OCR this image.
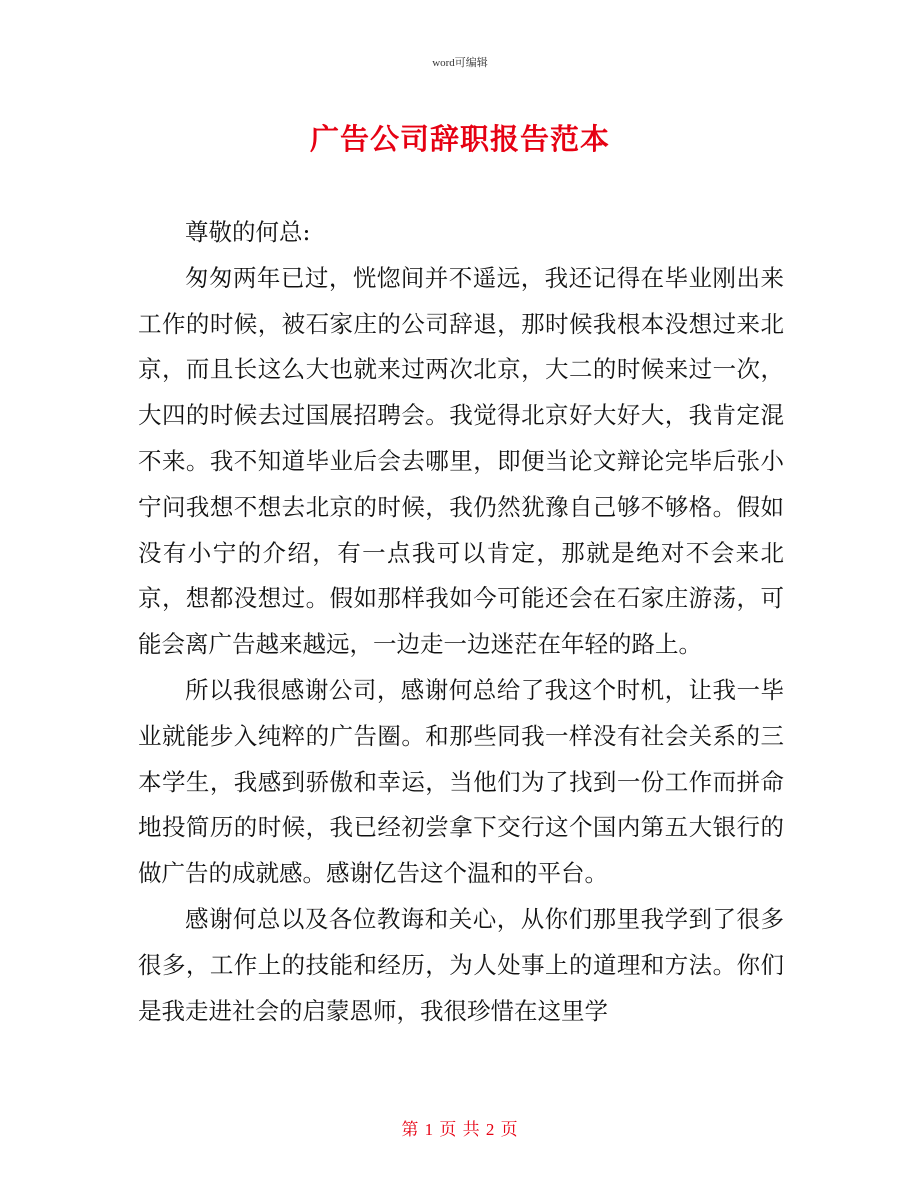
word可编辑
广告公司辞职报告范本

尊敬的何总:

匆匆两年已过，恍惚间并不遥远，我还记得在毕业刚出来工作的时候，被石家庄的公司辞退，那时候我根本没想过来北京，而且长这么大也就来过两次北京，大二的时候来过一次，大四的时候去过国展招聘会。我觉得北京好大好大，我肯定混不来。我不知道毕业后会去哪里，即便当论文辩论完毕后张小宁问我想不想去北京的时候，我仍然犹豫自己够不够格。假如没有小宁的介绍，有一点我可以肯定，那就是绝对不会来北京，想都没想过。假如那样我如今可能还会在石家庄游荡，可能会离广告越来越远，一边走一边迷茫在年轻的路上。

所以我很感谢公司，感谢何总给了我这个时机，让我一毕业就能步入纯粹的广告圈。和那些同我一样没有社会关系的三本学生，我感到骄傲和幸运，当他们为了找到一份工作而拼命地投简历的时候，我已经初尝拿下交行这个国内第五大银行的做广告的成就感。感谢亿告这个温和的平台。

感谢何总以及各位教诲和关心，从你们那里我学到了很多很多，工作上的技能和经历，为人处事上的道理和方法。你们是我走进社会的启蒙恩师，我很珍惜在这里学

第 1 页 共 2 页
